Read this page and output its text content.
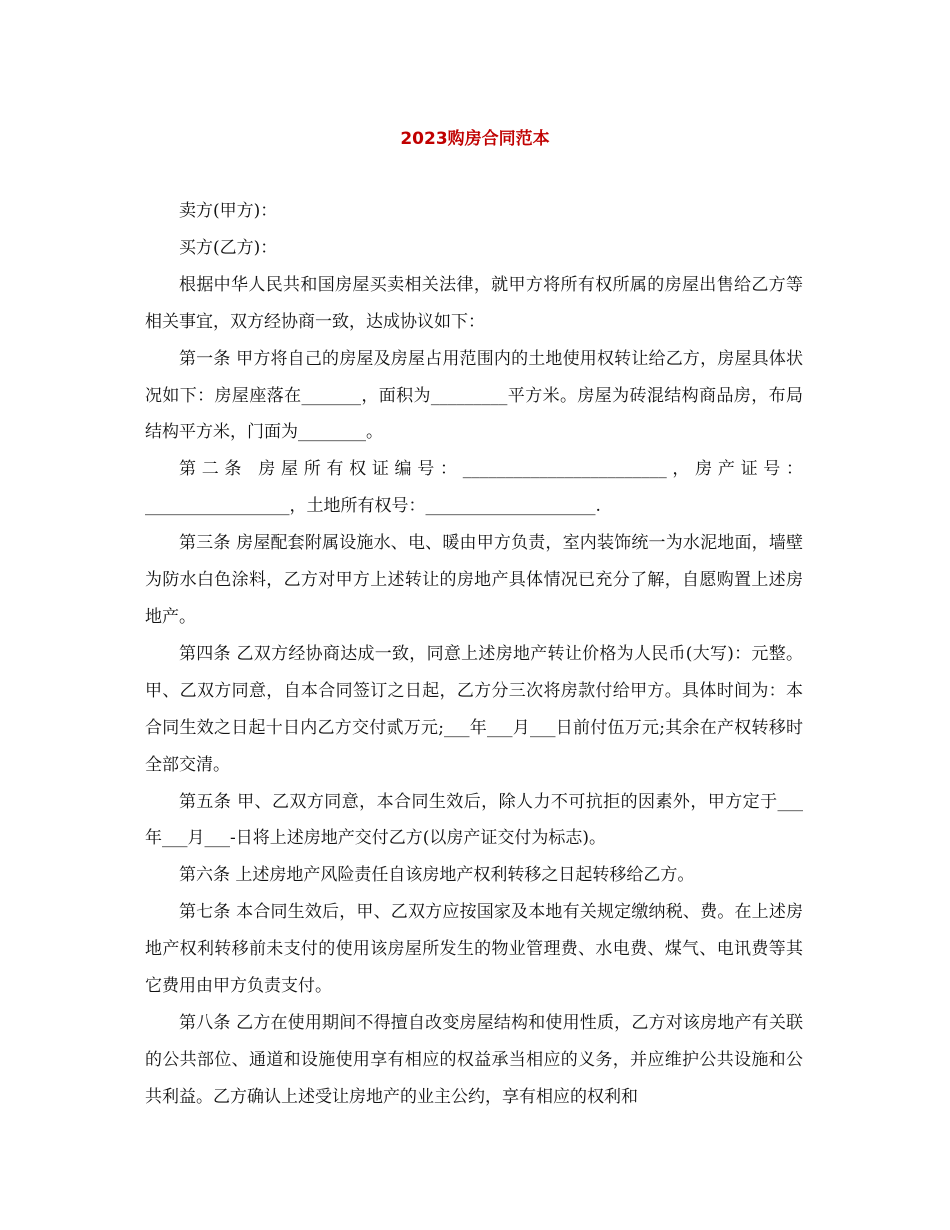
2023购房合同范本

卖方(甲方)：

买方(乙方)：

根据中华人民共和国房屋买卖相关法律，就甲方将所有权所属的房屋出售给乙方等相关事宜，双方经协商一致，达成协议如下：

第一条 甲方将自己的房屋及房屋占用范围内的土地使用权转让给乙方，房屋具体状况如下：房屋座落在_______，面积为_________平方米。房屋为砖混结构商品房，布局结构平方米，门面为________。

第二条 房屋所有权证编号：________________________，房产证号：_________________，土地所有权号：____________________.

第三条 房屋配套附属设施水、电、暖由甲方负责，室内装饰统一为水泥地面，墙壁为防水白色涂料，乙方对甲方上述转让的房地产具体情况已充分了解，自愿购置上述房地产。

第四条 乙双方经协商达成一致，同意上述房地产转让价格为人民币(大写)：元整。甲、乙双方同意，自本合同签订之日起，乙方分三次将房款付给甲方。具体时间为：本合同生效之日起十日内乙方交付贰万元;___年___月___日前付伍万元;其余在产权转移时全部交清。

第五条 甲、乙双方同意，本合同生效后，除人力不可抗拒的因素外，甲方定于___年___月___-日将上述房地产交付乙方(以房产证交付为标志)。

第六条 上述房地产风险责任自该房地产权利转移之日起转移给乙方。

第七条 本合同生效后，甲、乙双方应按国家及本地有关规定缴纳税、费。在上述房地产权利转移前未支付的使用该房屋所发生的物业管理费、水电费、煤气、电讯费等其它费用由甲方负责支付。

第八条 乙方在使用期间不得擅自改变房屋结构和使用性质，乙方对该房地产有关联的公共部位、通道和设施使用享有相应的权益承当相应的义务，并应维护公共设施和公共利益。乙方确认上述受让房地产的业主公约，享有相应的权利和
